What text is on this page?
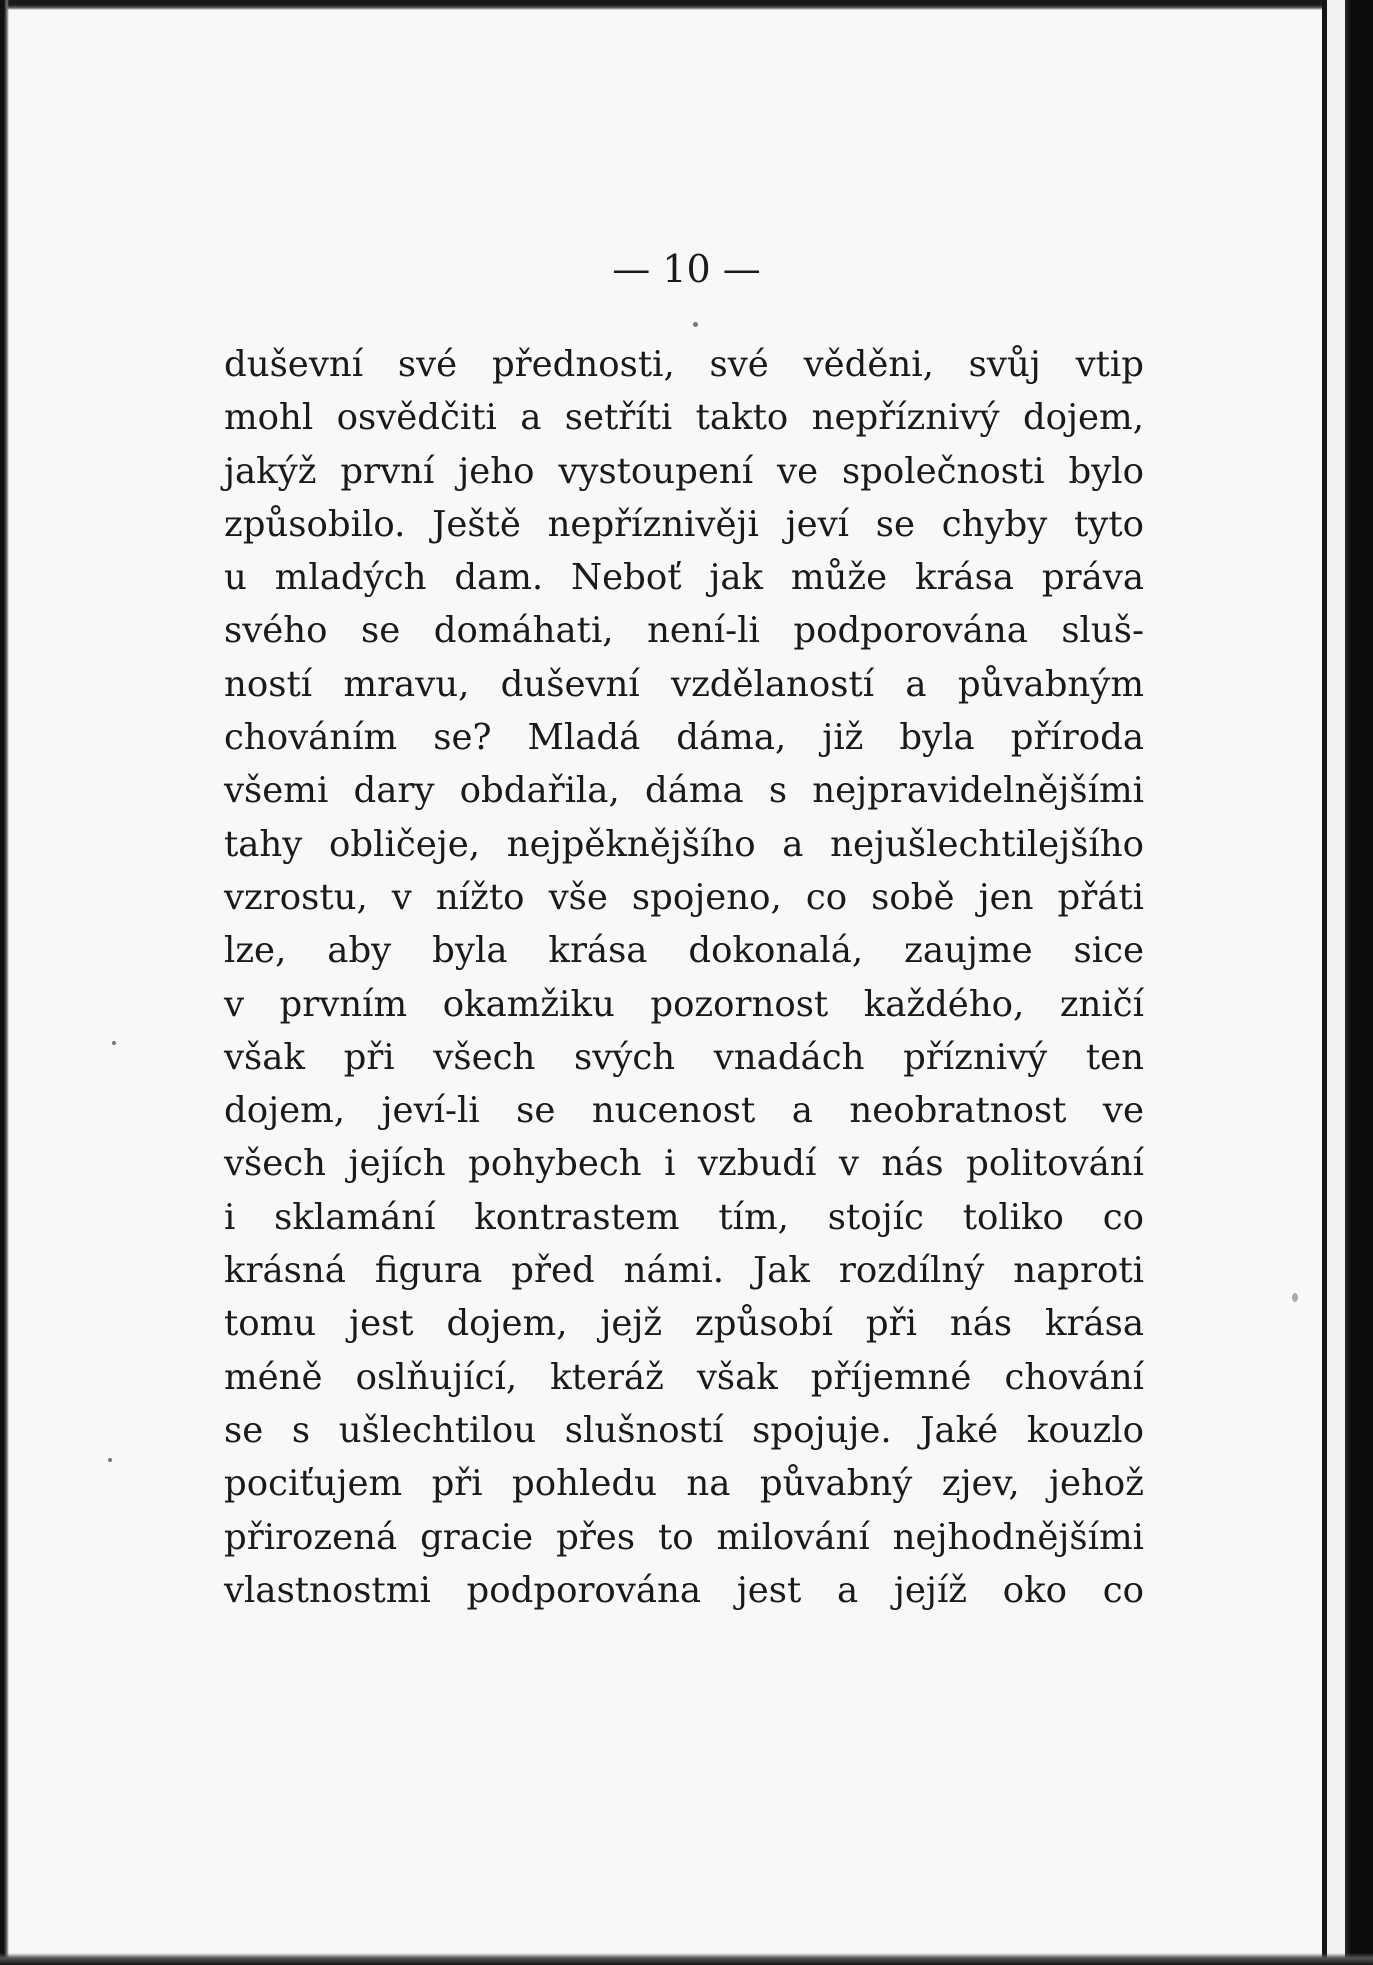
— 10 —
duševní své přednosti, své věděni, svůj vtip
mohl osvědčiti a setříti takto nepříznivý dojem,
jakýž první jeho vystoupení ve společnosti bylo
způsobilo. Ještě nepříznivěji jeví se chyby tyto
u mladých dam. Neboť jak může krása práva
svého se domáhati, není-li podporována sluš-
ností mravu, duševní vzdělaností a půvabným
chováním se? Mladá dáma, již byla příroda
všemi dary obdařila, dáma s nejpravidelnějšími
tahy obličeje, nejpěknějšího a nejušlechtilejšího
vzrostu, v nížto vše spojeno, co sobě jen přáti
lze, aby byla krása dokonalá, zaujme sice
v prvním okamžiku pozornost každého, zničí
však při všech svých vnadách příznivý ten
dojem, jeví-li se nucenost a neobratnost ve
všech jejích pohybech i vzbudí v nás politování
i sklamání kontrastem tím, stojíc toliko co
krásná figura před námi. Jak rozdílný naproti
tomu jest dojem, jejž způsobí při nás krása
méně oslňující, kteráž však příjemné chování
se s ušlechtilou slušností spojuje. Jaké kouzlo
pociťujem při pohledu na půvabný zjev, jehož
přirozená gracie přes to milování nejhodnějšími
vlastnostmi podporována jest a jejíž oko co
